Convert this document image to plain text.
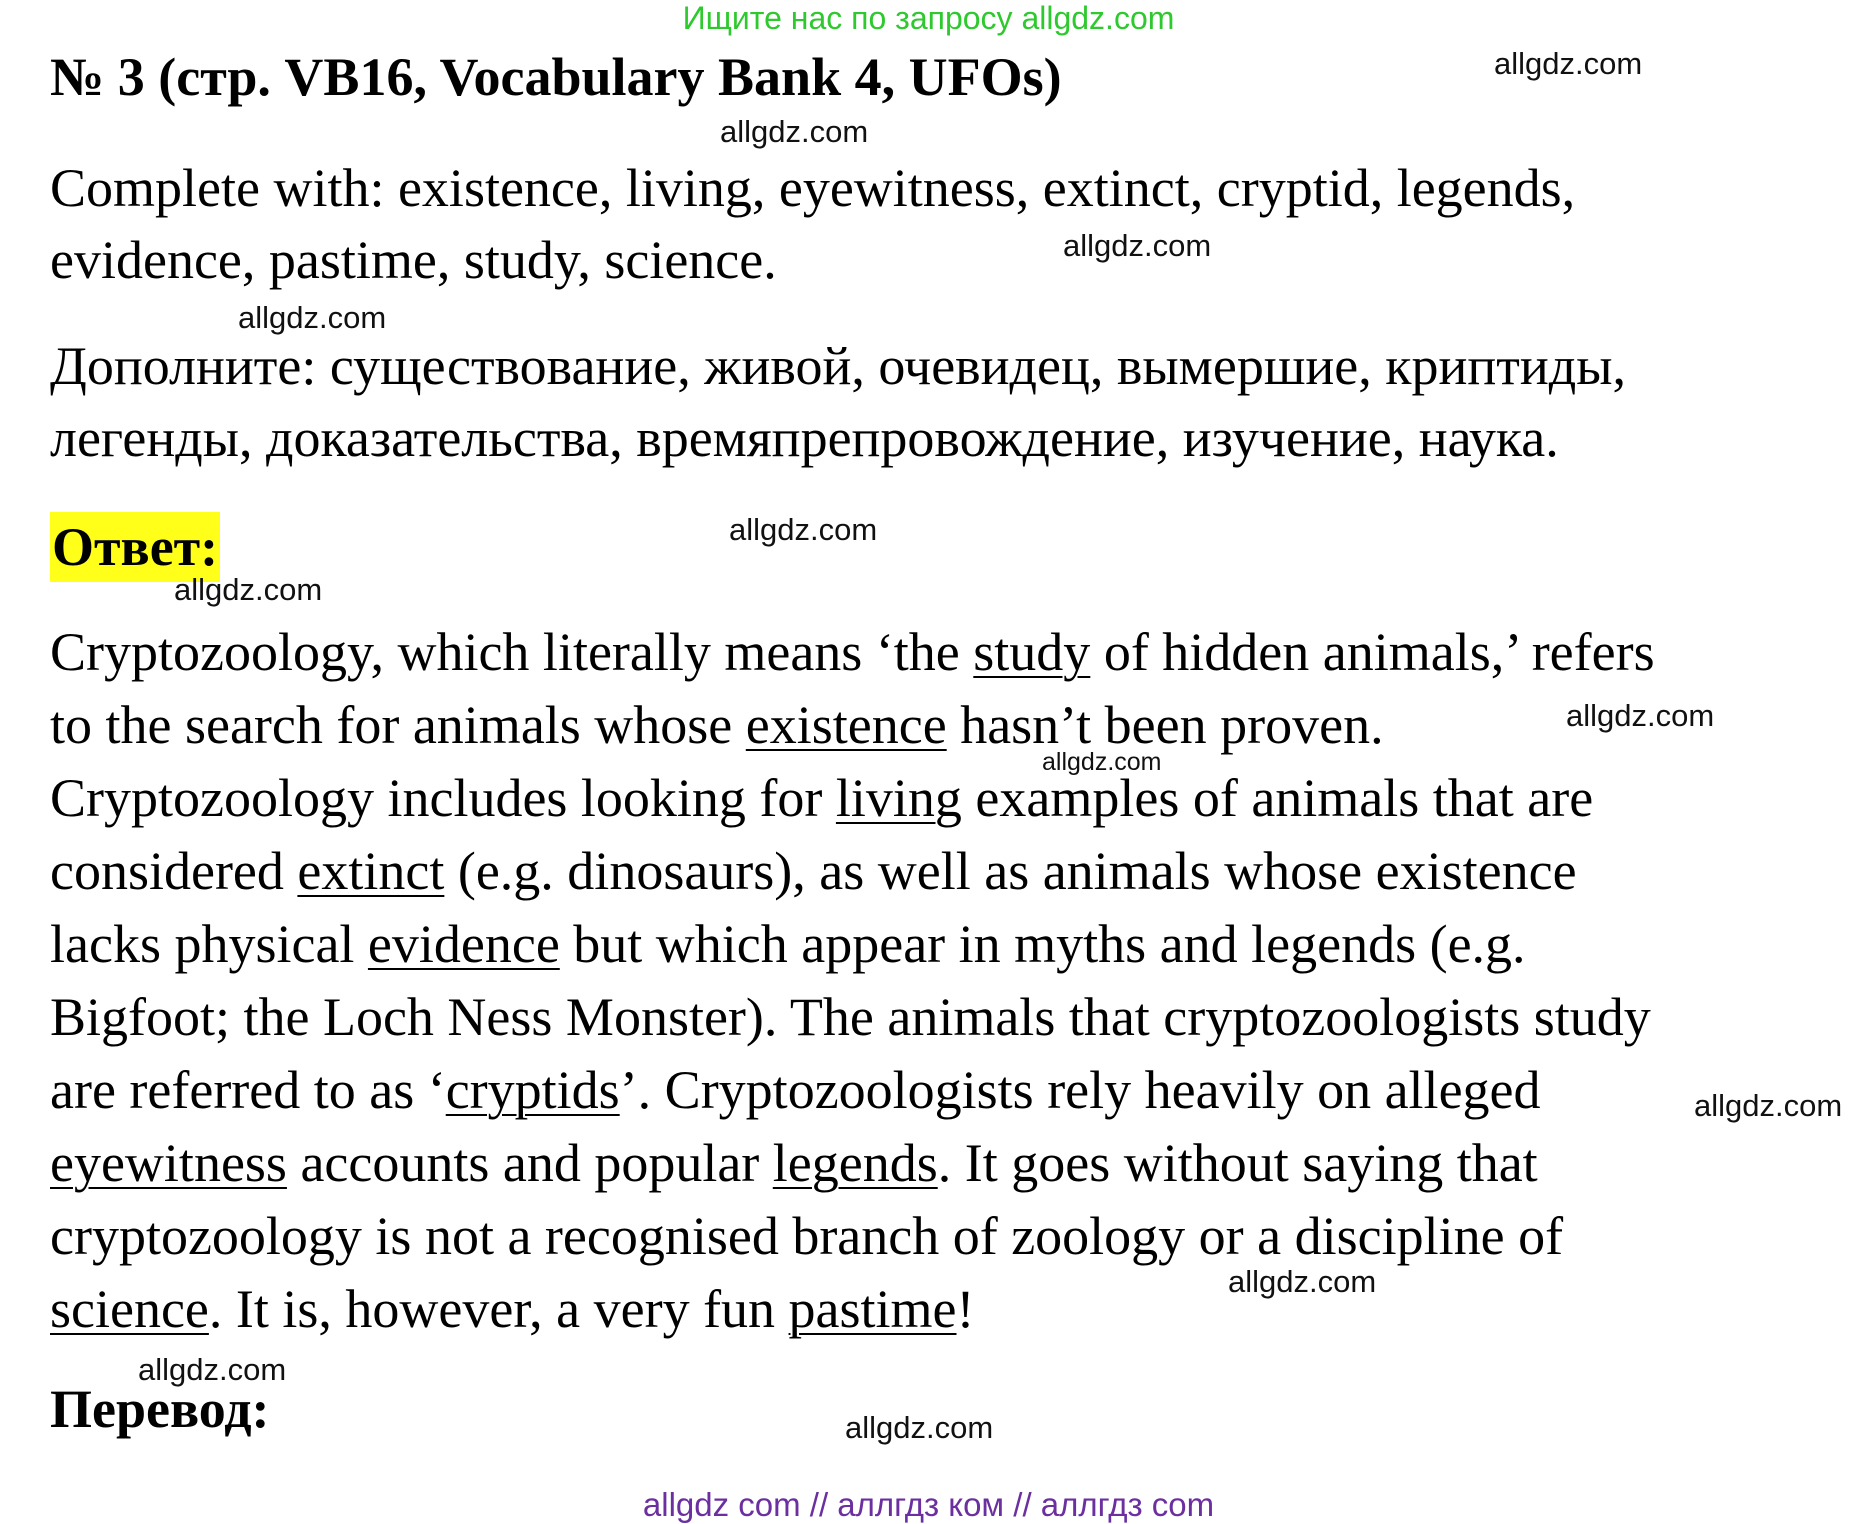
Ищите нас по запросу allgdz.com
№ 3 (стр. VB16, Vocabulary Bank 4, UFOs)
Complete with: existence, living, eyewitness, extinct, cryptid, legends,
evidence, pastime, study, science.
Дополните: существование, живой, очевидец, вымершие, криптиды,
легенды, доказательства, времяпрепровождение, изучение, наука.
Ответ:
Cryptozoology, which literally means ‘the study of hidden animals,’ refers
to the search for animals whose existence hasn’t been proven.
Cryptozoology includes looking for living examples of animals that are
considered extinct (e.g. dinosaurs), as well as animals whose existence
lacks physical evidence but which appear in myths and legends (e.g.
Bigfoot; the Loch Ness Monster). The animals that cryptozoologists study
are referred to as ‘cryptids’. Cryptozoologists rely heavily on alleged
eyewitness accounts and popular legends. It goes without saying that
cryptozoology is not a recognised branch of zoology or a discipline of
science. It is, however, a very fun pastime!
Перевод:
allgdz.com
allgdz.com
allgdz.com
allgdz.com
allgdz.com
allgdz.com
allgdz.com
allgdz.com
allgdz.com
allgdz.com
allgdz.com
allgdz.com
allgdz com // аллгдз ком // аллгдз com
